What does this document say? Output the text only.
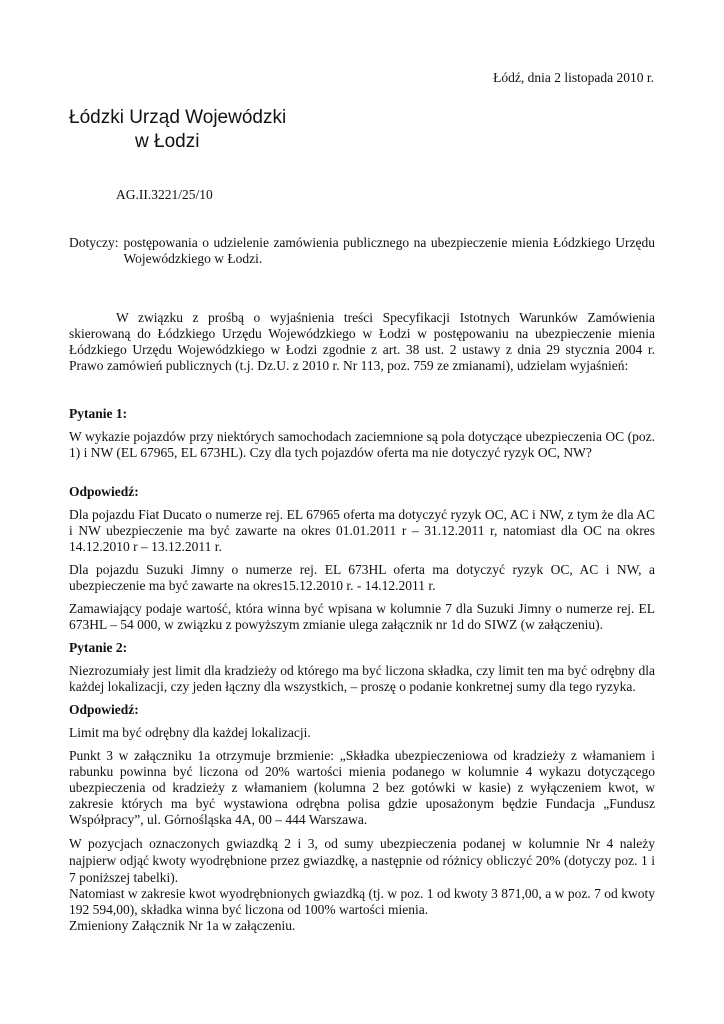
Łódź, dnia 2 listopada 2010 r.
Łódzki Urząd Wojewódzki
w Łodzi
AG.II.3221/25/10
Dotyczy: postępowania o udzielenie zamówienia publicznego na ubezpieczenie mienia Łódzkiego Urzędu Wojewódzkiego w Łodzi.

W związku z prośbą o wyjaśnienia treści Specyfikacji Istotnych Warunków Zamówienia skierowaną do Łódzkiego Urzędu Wojewódzkiego w Łodzi w postępowaniu na ubezpieczenie mienia Łódzkiego Urzędu Wojewódzkiego w Łodzi zgodnie z art. 38 ust. 2 ustawy z dnia 29 stycznia 2004 r. Prawo zamówień publicznych (t.j. Dz.U. z 2010 r. Nr 113, poz. 759 ze zmianami), udzielam wyjaśnień:

Pytanie 1:

W wykazie pojazdów przy niektórych samochodach zaciemnione są pola dotyczące ubezpieczenia OC (poz. 1) i NW (EL 67965, EL 673HL). Czy dla tych pojazdów oferta ma nie dotyczyć ryzyk OC, NW?

Odpowiedź:

Dla pojazdu Fiat Ducato o numerze rej. EL 67965 oferta ma dotyczyć ryzyk OC, AC i NW, z tym że dla AC i NW ubezpieczenie ma być zawarte na okres 01.01.2011 r – 31.12.2011 r, natomiast dla OC na okres 14.12.2010 r – 13.12.2011 r.

Dla pojazdu Suzuki Jimny o numerze rej. EL 673HL oferta ma dotyczyć ryzyk OC, AC i NW, a ubezpieczenie ma być zawarte na okres15.12.2010 r. - 14.12.2011 r.

Zamawiający podaje wartość, która winna być wpisana w kolumnie 7 dla Suzuki Jimny o numerze rej. EL 673HL – 54 000, w związku z powyższym zmianie ulega załącznik nr 1d do SIWZ (w załączeniu).

Pytanie 2:

Niezrozumiały jest limit dla kradzieży od którego ma być liczona składka, czy limit ten ma być odrębny dla każdej lokalizacji, czy jeden łączny dla wszystkich, – proszę o podanie konkretnej sumy dla tego ryzyka.

Odpowiedź:

Limit ma być odrębny dla każdej lokalizacji.

Punkt 3 w załączniku 1a otrzymuje brzmienie: „Składka ubezpieczeniowa od kradzieży z włamaniem i rabunku powinna być liczona od 20% wartości mienia podanego w kolumnie 4 wykazu dotyczącego ubezpieczenia od kradzieży z włamaniem (kolumna 2 bez gotówki w kasie) z wyłączeniem kwot, w zakresie których ma być wystawiona odrębna polisa gdzie uposażonym będzie Fundacja „Fundusz Współpracy”, ul. Górnośląska 4A, 00 – 444 Warszawa.

W pozycjach oznaczonych gwiazdką 2 i 3, od sumy ubezpieczenia podanej w kolumnie Nr 4 należy najpierw odjąć kwoty wyodrębnione przez gwiazdkę, a następnie od różnicy obliczyć 20% (dotyczy poz. 1 i 7 poniższej tabelki).

Natomiast w zakresie kwot wyodrębnionych gwiazdką (tj. w poz. 1 od kwoty 3 871,00, a w poz. 7 od kwoty 192 594,00), składka winna być liczona od 100% wartości mienia.

Zmieniony Załącznik Nr 1a w załączeniu.
